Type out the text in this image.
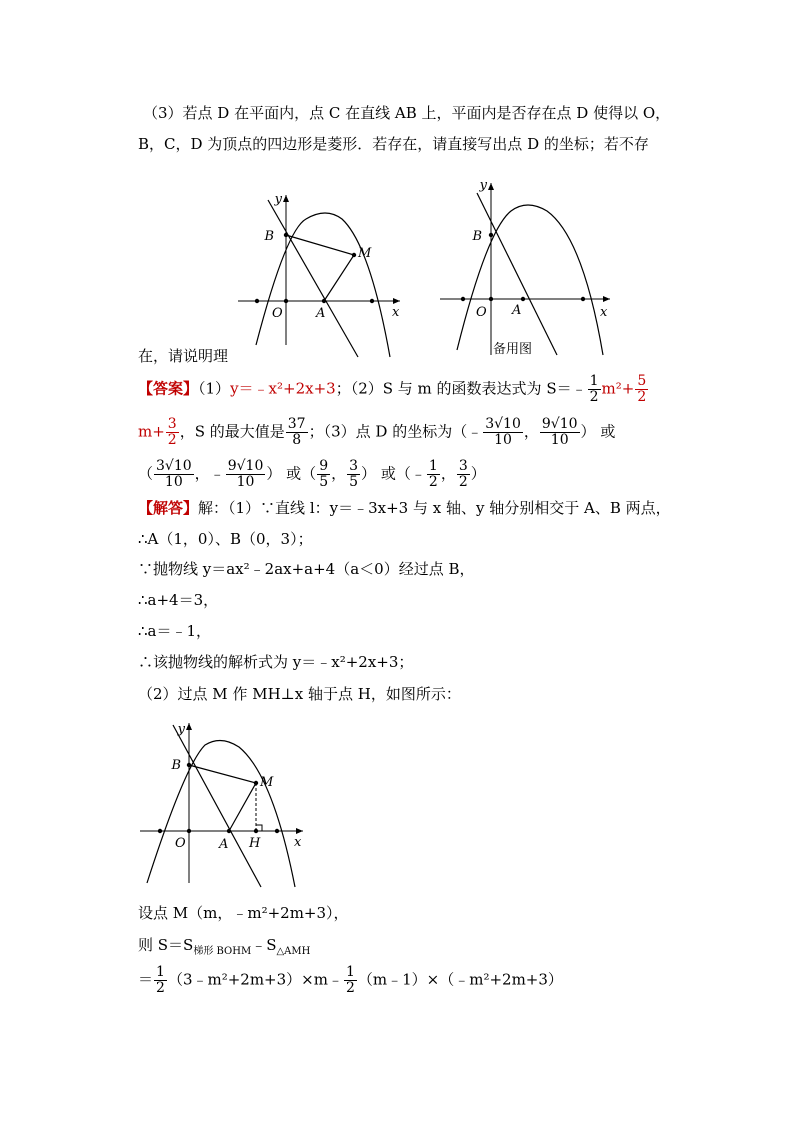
（3）若点 D 在平面内，点 C 在直线 AB 上，平面内是否存在点 D 使得以 O，
B，C，D 为顶点的四边形是菱形．若存在，请直接写出点 D 的坐标；若不存
y
B
M
O	A	x
y
B
O A	x
备用图
在，请说明理
【答案】（1）y＝﹣x²+2x+3；（2）S 与 m 的函数表达式为 S＝﹣ $\frac{1}{2} m^2+ \frac{5}{2}$
$m+ \frac{3}{2}$ ，S 的最大值是 $\frac{37}{8}$ ；（3）点 D 的坐标为（﹣ $\frac{3√10}{10}$ ， $\frac{9√10}{10}$ ） 或
（ $\frac{3√10}{10}$ ，﹣ $\frac{9√10}{10}$ ） 或（ $\frac{9}{5}$ ， $\frac{3}{5}$ ） 或（﹣ $\frac{1}{2}$ ， $\frac{3}{2}$ ）
【解答】解：（1）∵直线 l：y＝﹣3x+3 与 x 轴、y 轴分别相交于 A、B 两点，
∴A（1，0）、B（0，3）；
∵抛物线 y＝ax²﹣2ax+a+4（a＜0）经过点 B，
∴a+4＝3，
∴a＝﹣1，
∴该抛物线的解析式为 y＝﹣x²+2x+3；
（2）过点 M 作 MH⊥x 轴于点 H，如图所示：
y
B
M
O	A H	x
设点 M（m，﹣m²+2m+3），
则 $S=S_{梯形 BOHM}﹣S_{\triangle AMH}$
＝ $\frac{1}{2}$ （3﹣m²+2m+3）×m﹣ $\frac{1}{2}$ （m﹣1）×（﹣m²+2m+3）
